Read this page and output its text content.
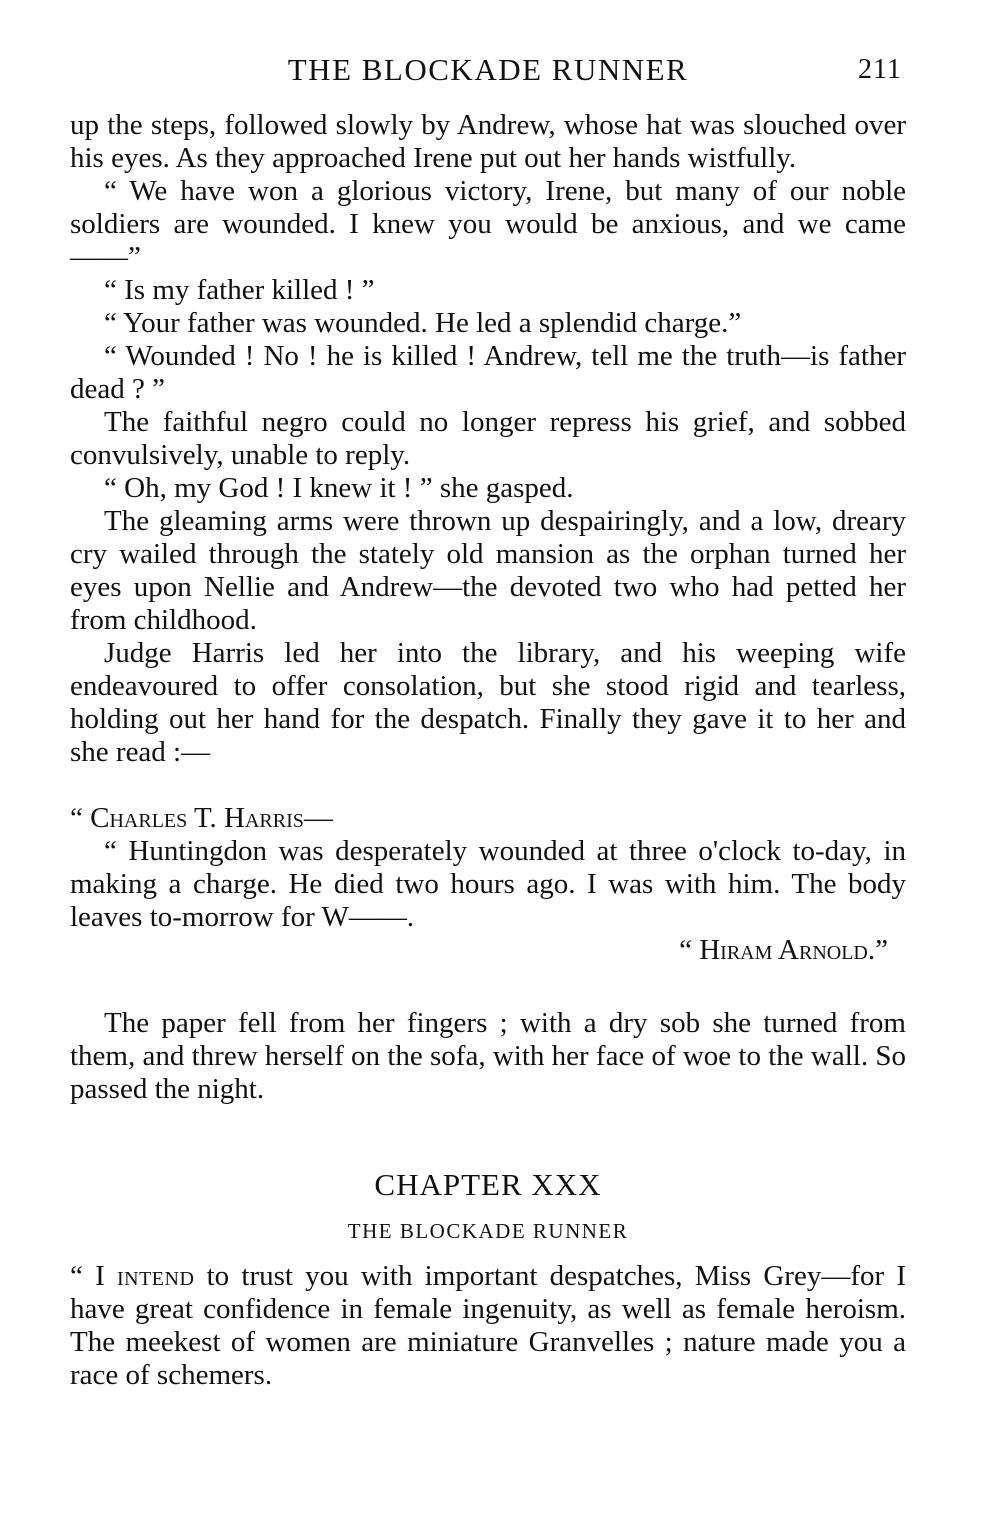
THE BLOCKADE RUNNER	211

up the steps, followed slowly by Andrew, whose hat was slouched over his eyes. As they approached Irene put out her hands wistfully.

“ We have won a glorious victory, Irene, but many of our noble soldiers are wounded. I knew you would be anxious, and we came——”

“ Is my father killed ! ”

“ Your father was wounded. He led a splendid charge.”

“ Wounded ! No ! he is killed ! Andrew, tell me the truth—is father dead ? ”

The faithful negro could no longer repress his grief, and sobbed convulsively, unable to reply.

“ Oh, my God ! I knew it ! ” she gasped.

The gleaming arms were thrown up despairingly, and a low, dreary cry wailed through the stately old mansion as the orphan turned her eyes upon Nellie and Andrew—the devoted two who had petted her from childhood.

Judge Harris led her into the library, and his weeping wife endeavoured to offer consolation, but she stood rigid and tearless, holding out her hand for the despatch. Finally they gave it to her and she read :—

“ Charles T. Harris—

“ Huntingdon was desperately wounded at three o'clock to-day, in making a charge. He died two hours ago. I was with him. The body leaves to-morrow for W——.

“ Hiram Arnold.”

The paper fell from her fingers ; with a dry sob she turned from them, and threw herself on the sofa, with her face of woe to the wall. So passed the night.

CHAPTER XXX

THE BLOCKADE RUNNER

“ I intend to trust you with important despatches, Miss Grey—for I have great confidence in female ingenuity, as well as female heroism. The meekest of women are miniature Granvelles ; nature made you a race of schemers.
